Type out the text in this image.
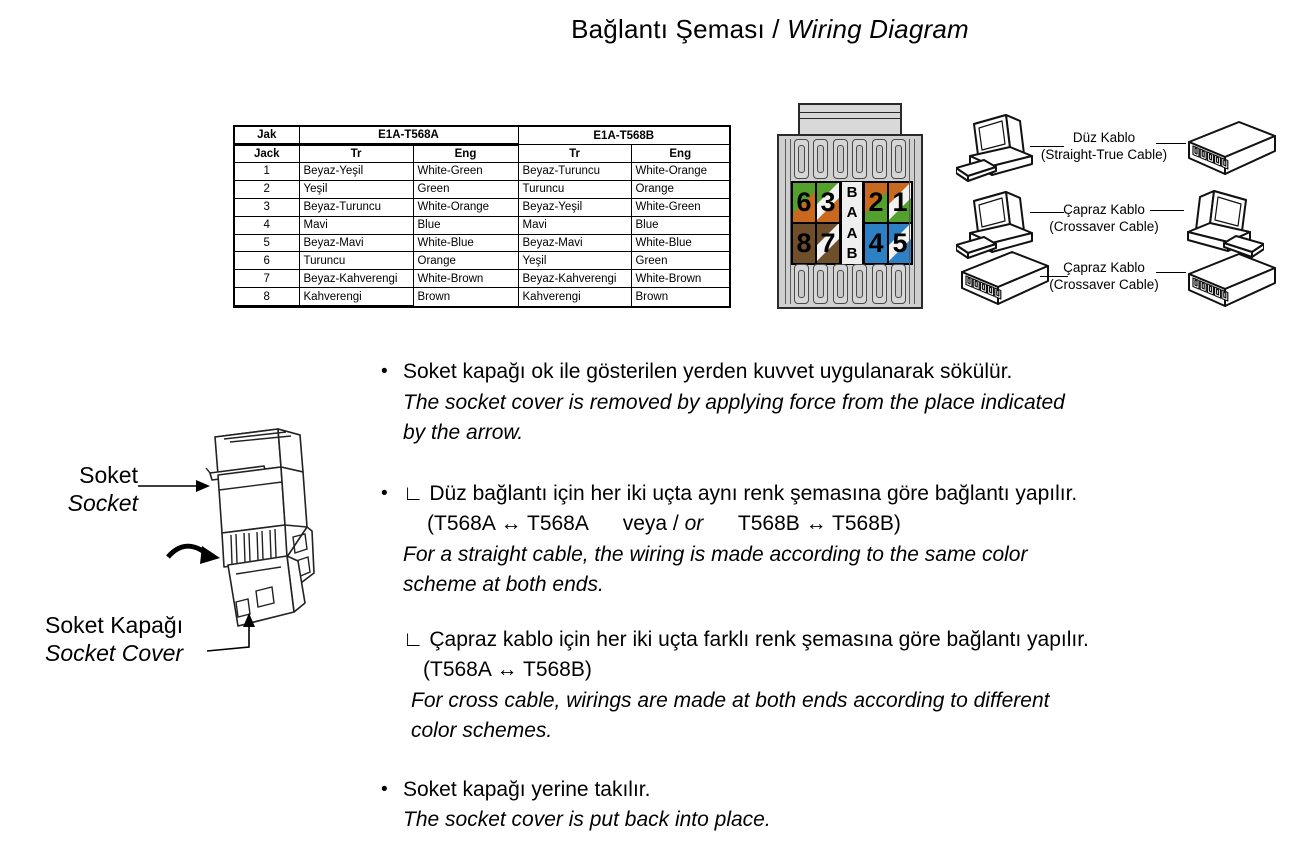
Bağlantı Şeması / Wiring Diagram
Jak	E1A-T568A		E1A-T568B	
Jack	Tr	Eng	Tr	Eng
1	Beyaz-Yeşil	White-Green	Beyaz-Turuncu	White-Orange
2	Yeşil	Green	Turuncu	Orange
3	Beyaz-Turuncu	White-Orange	Beyaz-Yeşil	White-Green
4	Mavi	Blue	Mavi	Blue
5	Beyaz-Mavi	White-Blue	Beyaz-Mavi	White-Blue
6	Turuncu	Orange	Yeşil	Green
7	Beyaz-Kahverengi	White-Brown	Beyaz-Kahverengi	White-Brown
8	Kahverengi	Brown	Kahverengi	Brown
6 3
8 7
B
A
A
B
2 1
4 5
Düz Kablo
(Straight-True Cable)
Çapraz Kablo
(Crossaver Cable)
Çapraz Kablo
(Crossaver Cable)
Soket
Socket
Soket Kapağı
Socket Cover
• Soket kapağı ok ile gösterilen yerden kuvvet uygulanarak sökülür.
The socket cover is removed by applying force from the place indicated
by the arrow.
• ∟ Düz bağlantı için her iki uçta aynı renk şemasına göre bağlantı yapılır.
(T568A ↔ T568A      veya / or      T568B ↔ T568B)
For a straight cable, the wiring is made according to the same color
scheme at both ends.
∟ Çapraz kablo için her iki uçta farklı renk şemasına göre bağlantı yapılır.
(T568A ↔ T568B)
For cross cable, wirings are made at both ends according to different
color schemes.
• Soket kapağı yerine takılır.
The socket cover is put back into place.
